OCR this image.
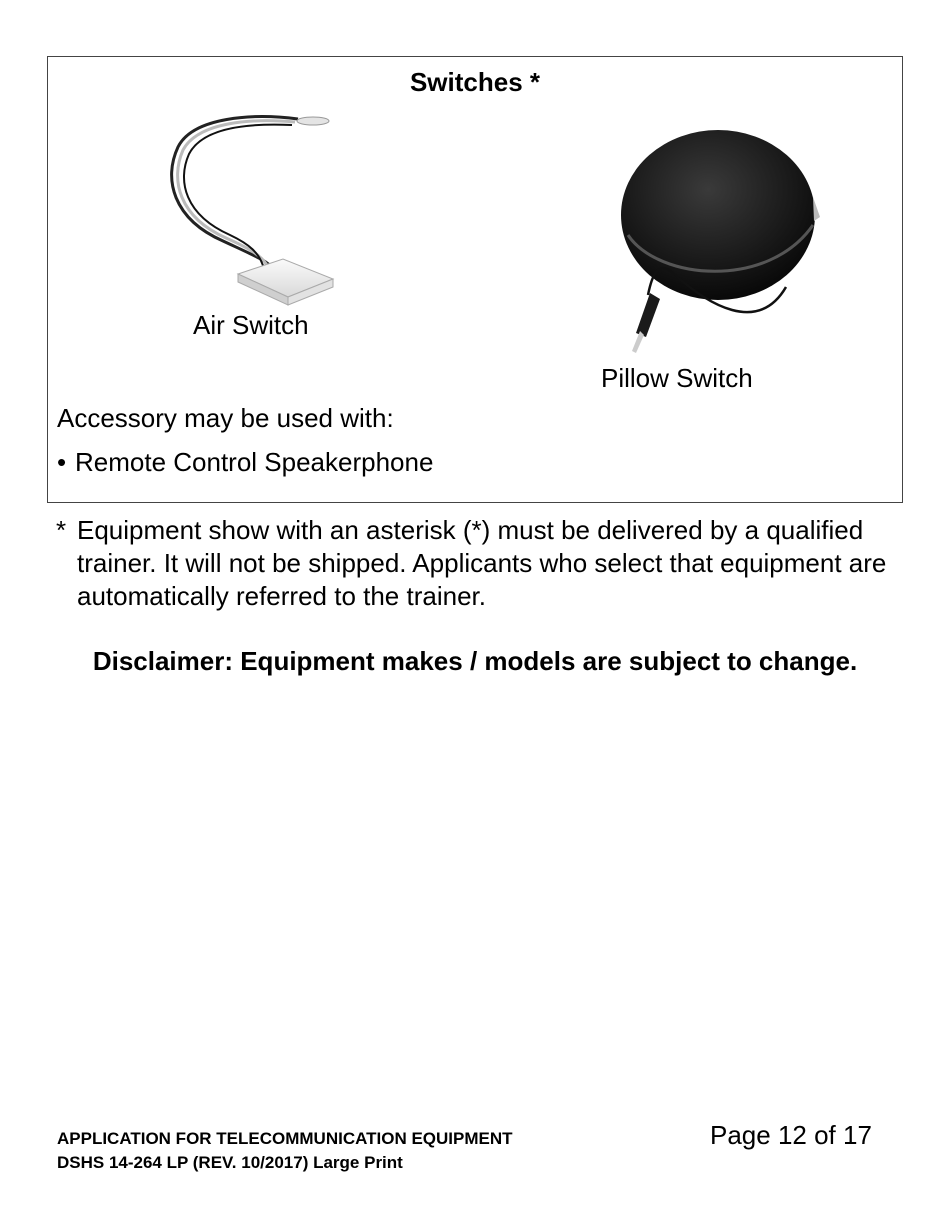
Switches *
Air Switch
Pillow Switch
Accessory may be used with:
• Remote Control Speakerphone
* Equipment show with an asterisk (*) must be delivered by a qualified trainer. It will not be shipped. Applicants who select that equipment are automatically referred to the trainer.
Disclaimer: Equipment makes / models are subject to change.
APPLICATION FOR TELECOMMUNICATION EQUIPMENT
DSHS 14-264 LP (REV. 10/2017) Large Print
Page 12 of 17
